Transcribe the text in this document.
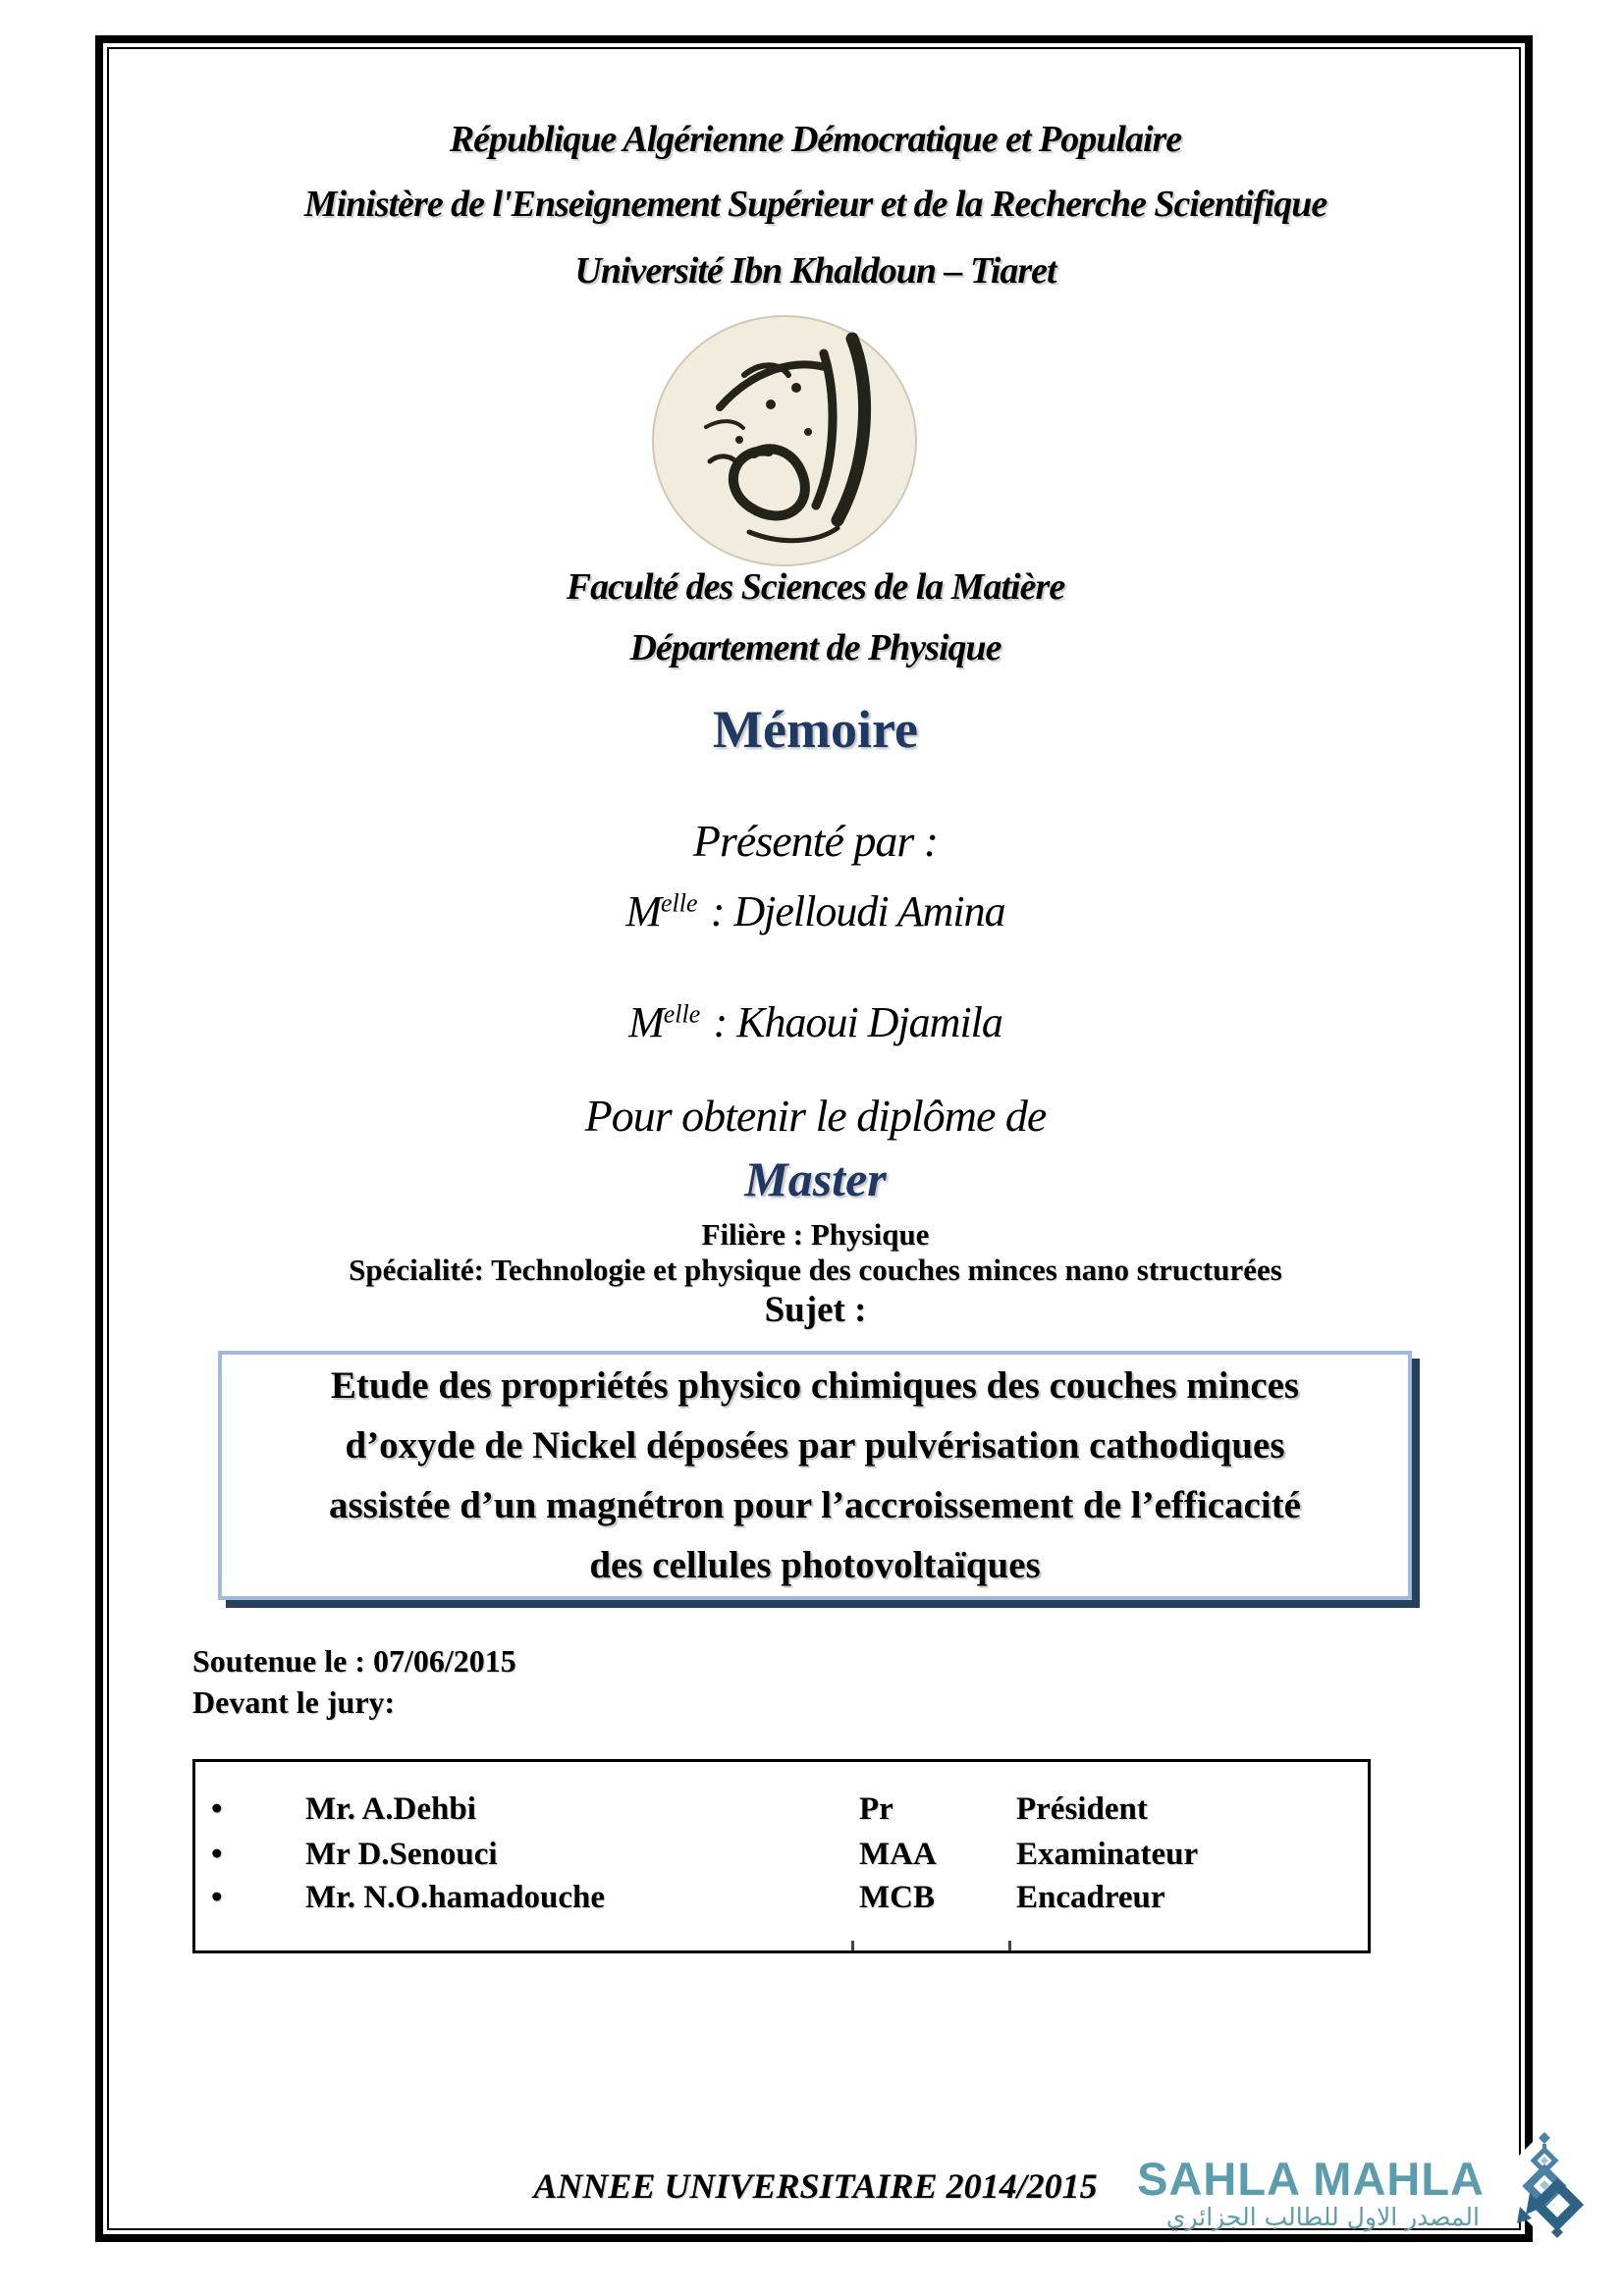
République Algérienne Démocratique et Populaire
Ministère de l'Enseignement Supérieur et de la Recherche Scientifique
Université Ibn Khaldoun – Tiaret
Faculté des Sciences de la Matière
Département de Physique
Mémoire
Présenté par :
$M^{elle}$ : Djelloudi Amina
$M^{elle}$ : Khaoui Djamila
Pour obtenir le diplôme de
Master
Filière : Physique
Spécialité: Technologie et physique des couches minces nano structurées
Sujet :
Etude des propriétés physico chimiques des couches minces
d’oxyde de Nickel déposées par pulvérisation cathodiques
assistée d’un magnétron pour l’accroissement de l’efficacité
des cellules photovoltaïques
Soutenue le : 07/06/2015
Devant le jury:
•	Mr. A.Dehbi	Pr	Président
•	Mr D.Senouci	MAA Examinateur
•	Mr. N.O.hamadouche	MCB	Encadreur
ANNEE UNIVERSITAIRE 2014/2015 SAHLA MAHLA
المصدر الاول للطالب الجزائري
